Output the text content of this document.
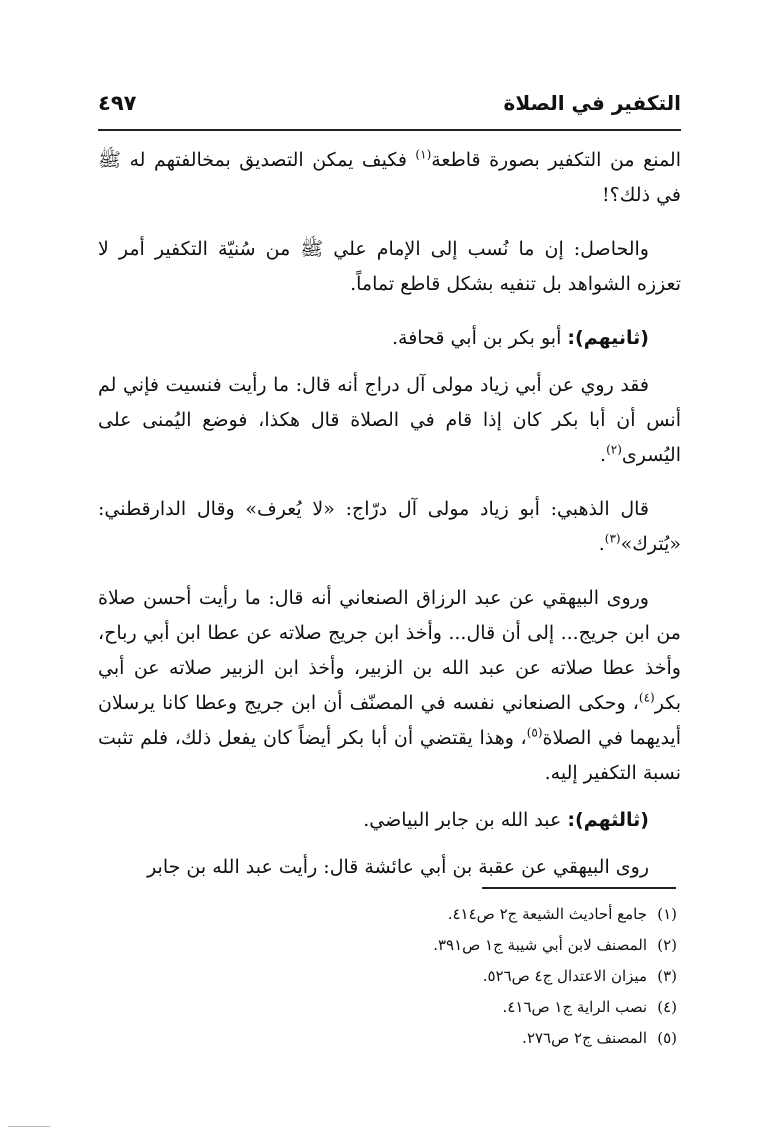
التكفير في الصلاة
٤٩٧

المنع من التكفير بصورة قاطعة$^{(١)}$ فكيف يمكن التصديق بمخالفتهم له ﷺ في ذلك؟!

والحاصل: إن ما نُسب إلى الإمام علي ﷺ من سُنيّة التكفير أمر لا تعززه الشواهد بل تنفيه بشكل قاطع تماماً.

(ثانيهم): أبو بكر بن أبي قحافة.

فقد روي عن أبي زياد مولى آل دراج أنه قال: ما رأيت فنسيت فإني لم أنس أن أبا بكر كان إذا قام في الصلاة قال هكذا، فوضع اليُمنى على اليُسرى$^{(٢)}$.

قال الذهبي: أبو زياد مولى آل درّاج: «لا يُعرف» وقال الدارقطني: «يُترك»$^{(٣)}$.

وروى البيهقي عن عبد الرزاق الصنعاني أنه قال: ما رأيت أحسن صلاة من ابن جريج... إلى أن قال... وأخذ ابن جريج صلاته عن عطا ابن أبي رباح، وأخذ عطا صلاته عن عبد الله بن الزبير، وأخذ ابن الزبير صلاته عن أبي بكر$^{(٤)}$، وحكى الصنعاني نفسه في المصنّف أن ابن جريج وعطا كانا يرسلان أيديهما في الصلاة$^{(٥)}$، وهذا يقتضي أن أبا بكر أيضاً كان يفعل ذلك، فلم تثبت نسبة التكفير إليه.

(ثالثهم): عبد الله بن جابر البياضي.

روى البيهقي عن عقبة بن أبي عائشة قال: رأيت عبد الله بن جابر

(١)
جامع أحاديث الشيعة ج٢ ص٤١٤.
(٢)
المصنف لابن أبي شيبة ج١ ص٣٩١.
(٣)
ميزان الاعتدال ج٤ ص٥٢٦.
(٤)
نصب الراية ج١ ص٤١٦.
(٥)
المصنف ج٢ ص٢٧٦.
